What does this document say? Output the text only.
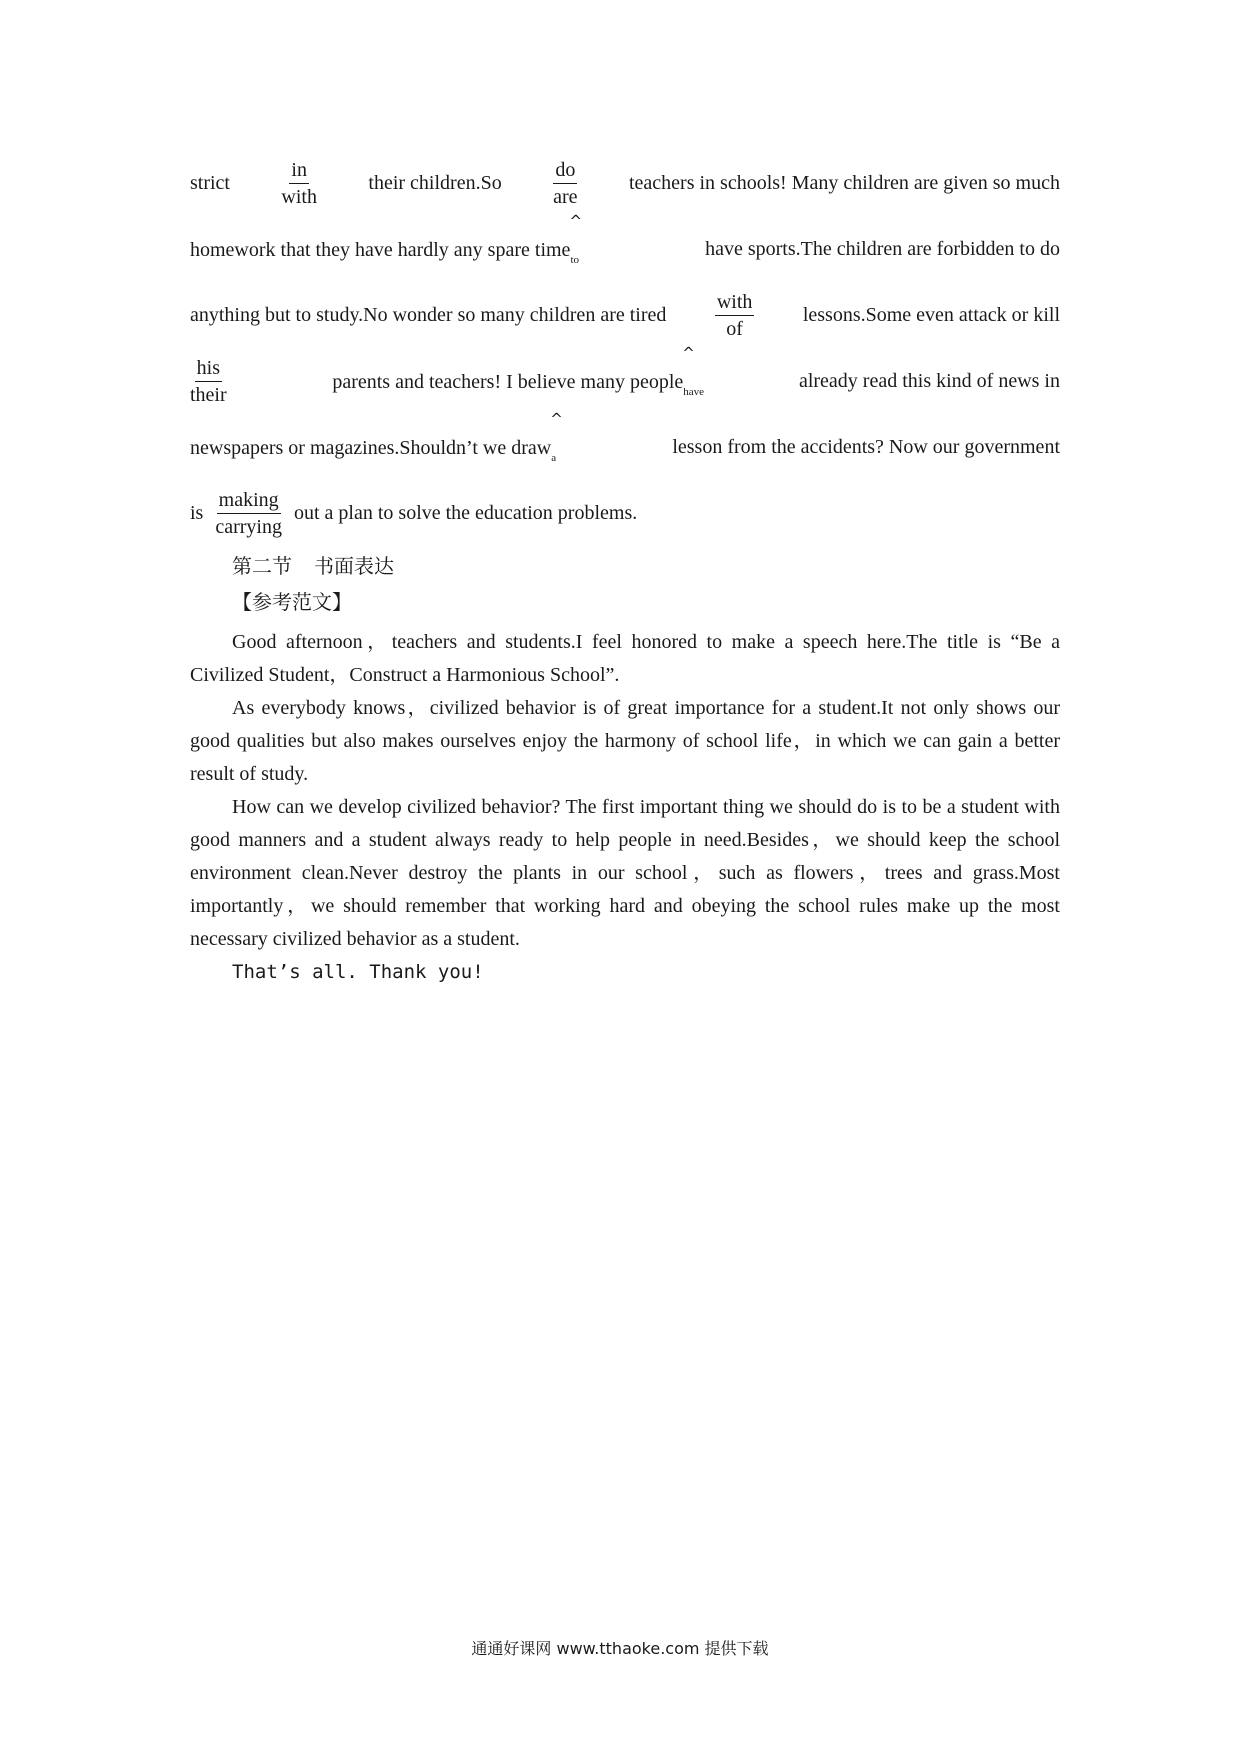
strict
in
with
their children.So
do
are
teachers in schools! Many children are given so much
homework that they have hardly any spare time
^
to
have sports.The children are forbidden to do
anything but to study.No wonder so many children are tired
with
of
lessons.Some even attack or kill
his
their
parents and teachers! I believe many people
^
have
already read this kind of news in
newspapers or magazines.Shouldn’t we draw
^
a
lesson from the accidents? Now our government
is
making
carrying
out a plan to solve the education problems.
第二节 书面表达
【参考范文】

Good afternoon，teachers and students.I feel honored to make a speech here.The title is “Be a Civilized Student，Construct a Harmonious School”.

As everybody knows，civilized behavior is of great importance for a student.It not only shows our good qualities but also makes ourselves enjoy the harmony of school life，in which we can gain a better result of study.

How can we develop civilized behavior? The first important thing we should do is to be a student with good manners and a student always ready to help people in need.Besides，we should keep the school environment clean.Never destroy the plants in our school，such as flowers，trees and grass.Most importantly，we should remember that working hard and obeying the school rules make up the most necessary civilized behavior as a student.

That’s all. Thank you!
通通好课网 www.tthaoke.com 提供下载
